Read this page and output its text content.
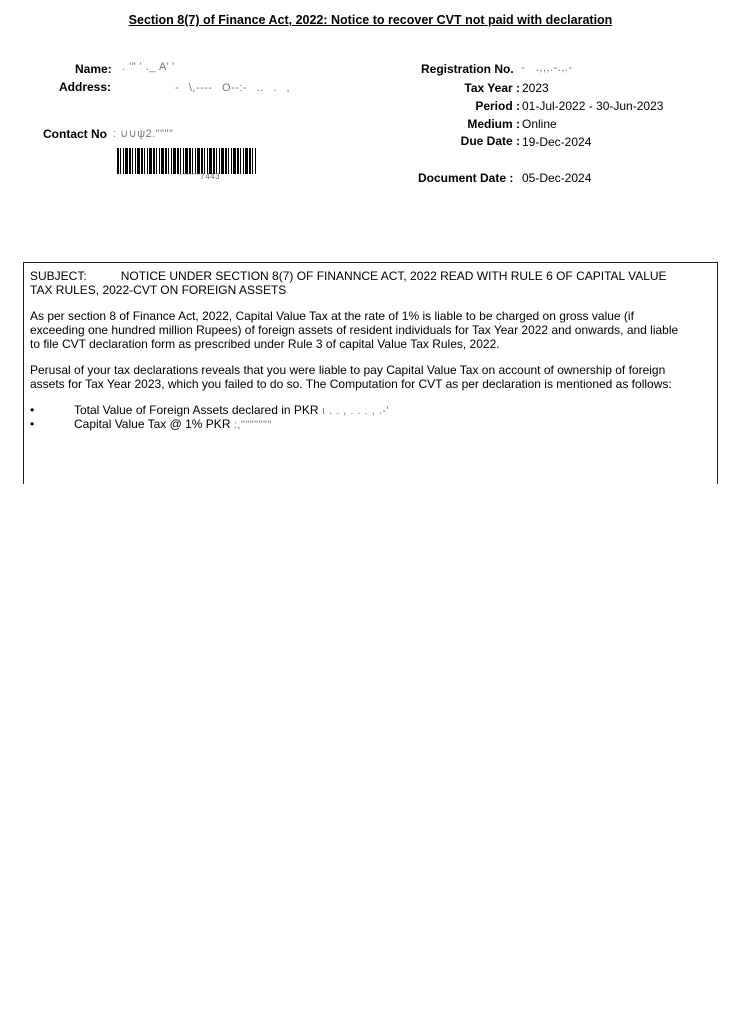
Section 8(7) of Finance Act, 2022: Notice to recover CVT not paid with declaration
Name: . '" ' ._ A’ '
Address:	- \,---- O--:- .. . ,
Contact No : ∪∪ψ2.""""
''''''''''7443
Registration No. -   .,,,.-.,.-
Tax Year : 2023
Period : 01-Jul-2022 - 30-Jun-2023
Medium : Online
Due Date : 19-Dec-2024
Document Date : 05-Dec-2024

SUBJECT:	NOTICE UNDER SECTION 8(7) OF FINANNCE ACT, 2022 READ WITH RULE 6 OF CAPITAL VALUE TAX RULES, 2022-CVT ON FOREIGN ASSETS

As per section 8 of Finance Act, 2022, Capital Value Tax at the rate of 1% is liable to be charged on gross value (if exceeding one hundred million Rupees) of foreign assets of resident individuals for Tax Year 2022 and onwards, and liable to file CVT declaration form as prescribed under Rule 3 of capital Value Tax Rules, 2022.

Perusal of your tax declarations reveals that you were liable to pay Capital Value Tax on account of ownership of foreign assets for Tax Year 2023, which you failed to do so. The Computation for CVT as per declaration is mentioned as follows:

•	Total Value of Foreign Assets declared in PKR ı . . , . . . , .-'
•	Capital Value Tax @ 1% PKR :,"""""""
